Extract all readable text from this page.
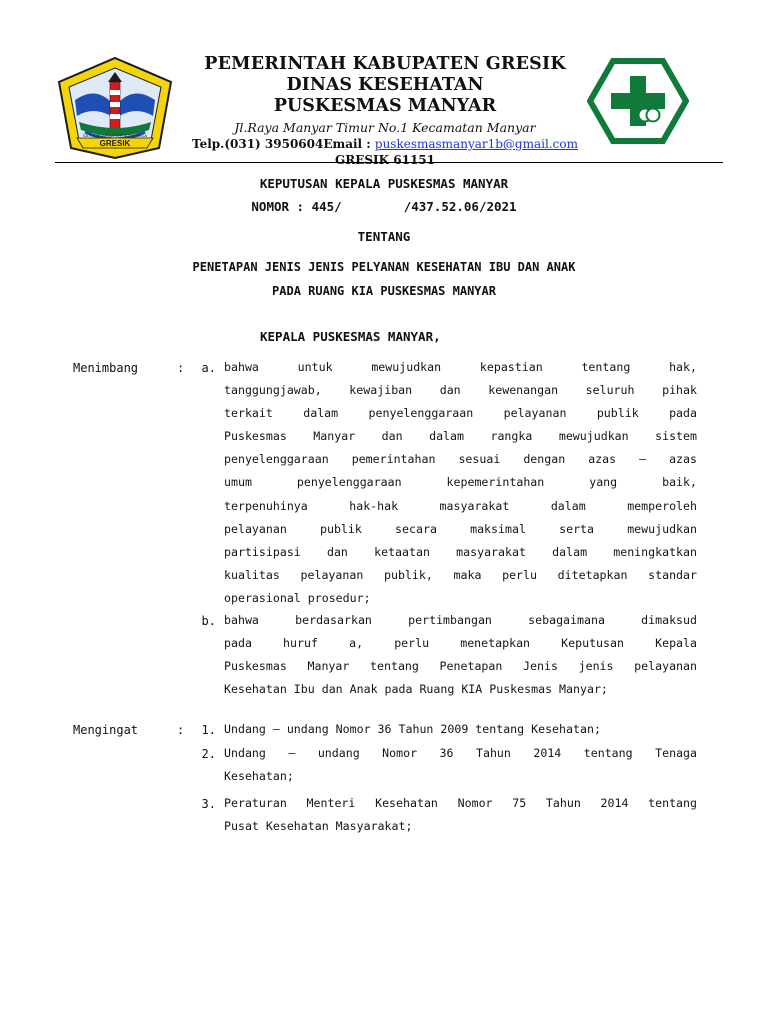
GRESIK
SATYA DHARMA KERTA RAHARJA
PEMERINTAH KABUPATEN GRESIK
DINAS KESEHATAN
PUSKESMAS MANYAR
Jl.Raya Manyar Timur No.1 Kecamatan Manyar
Telp.(031) 3950604Email : puskesmasmanyar1b@gmail.com
GRESIK 61151
KEPUTUSAN KEPALA PUSKESMAS MANYAR
NOMOR : 445/	/437.52.06/2021
TENTANG
PENETAPAN JENIS JENIS PELYANAN KESEHATAN IBU DAN ANAK
PADA RUANG KIA PUSKESMAS MANYAR
KEPALA PUSKESMAS MANYAR,
Menimbang	:	a. bahwa untuk mewujudkan kepastian tentang hak,
tanggungjawab, kewajiban dan kewenangan seluruh pihak
terkait dalam penyelenggaraan pelayanan publik pada
Puskesmas Manyar dan dalam rangka mewujudkan sistem
penyelenggaraan pemerintahan sesuai dengan azas – azas
umum penyelenggaraan kepemerintahan yang baik,
terpenuhinya hak-hak masyarakat dalam memperoleh
pelayanan publik secara maksimal serta mewujudkan
partisipasi dan ketaatan masyarakat dalam meningkatkan
kualitas pelayanan publik, maka perlu ditetapkan standar
operasional prosedur;
b. bahwa berdasarkan pertimbangan sebagaimana dimaksud
pada huruf a, perlu menetapkan Keputusan Kepala
Puskesmas Manyar tentang Penetapan Jenis jenis pelayanan
Kesehatan Ibu dan Anak pada Ruang KIA Puskesmas Manyar;
Mengingat	:	1. Undang – undang Nomor 36 Tahun 2009 tentang Kesehatan;
2. Undang – undang Nomor 36 Tahun 2014 tentang Tenaga
Kesehatan;
3. Peraturan Menteri Kesehatan Nomor 75 Tahun 2014 tentang
Pusat Kesehatan Masyarakat;
